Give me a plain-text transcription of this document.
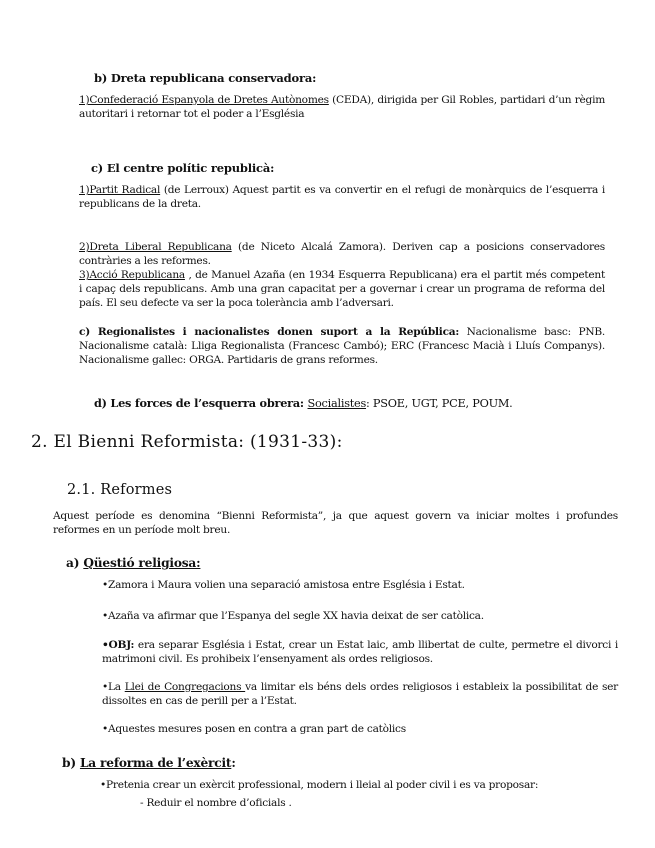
b) Dreta republicana conservadora:
1)Confederació Espanyola de Dretes Autònomes (CEDA), dirigida per Gil Robles, partidari d’un règim autoritari i retornar tot el poder a l’Església
c) El centre polític republicà:
1)Partit Radical (de Lerroux) Aquest partit es va convertir en el refugi de monàrquics de l’esquerra i republicans de la dreta.
2)Dreta Liberal Republicana (de Niceto Alcalá Zamora). Deriven cap a posicions conservadores contràries a les reformes.
3)Acció Republicana , de Manuel Azaña (en 1934 Esquerra Republicana) era el partit més competent i capaç dels republicans. Amb una gran capacitat per a governar i crear un programa de reforma del país. El seu defecte va ser la poca tolerància amb l’adversari.
c) Regionalistes i nacionalistes donen suport a la República: Nacionalisme basc: PNB. Nacionalisme català: Lliga Regionalista (Francesc Cambó); ERC (Francesc Macià i Lluís Companys). Nacionalisme gallec: ORGA. Partidaris de grans reformes.
d) Les forces de l’esquerra obrera: Socialistes: PSOE, UGT, PCE, POUM.
2. El Bienni Reformista: (1931-33):
2.1. Reformes
Aquest període es denomina “Bienni Reformista”, ja que aquest govern va iniciar moltes i profundes reformes en un període molt breu.
a) Qüestió religiosa:
•Zamora i Maura volien una separació amistosa entre Església i Estat.
•Azaña va afirmar que l’Espanya del segle XX havia deixat de ser catòlica.
•OBJ: era separar Església i Estat, crear un Estat laic, amb llibertat de culte, permetre el divorci i matrimoni civil. Es prohibeix l’ensenyament als ordes religiosos.
•La Llei de Congregacions va limitar els béns dels ordes religiosos i estableix la possibilitat de ser dissoltes en cas de perill per a l’Estat.
•Aquestes mesures posen en contra a gran part de catòlics
b) La reforma de l’exèrcit:
•Pretenia crear un exèrcit professional, modern i lleial al poder civil i es va proposar:
- Reduir el nombre d’oficials .
